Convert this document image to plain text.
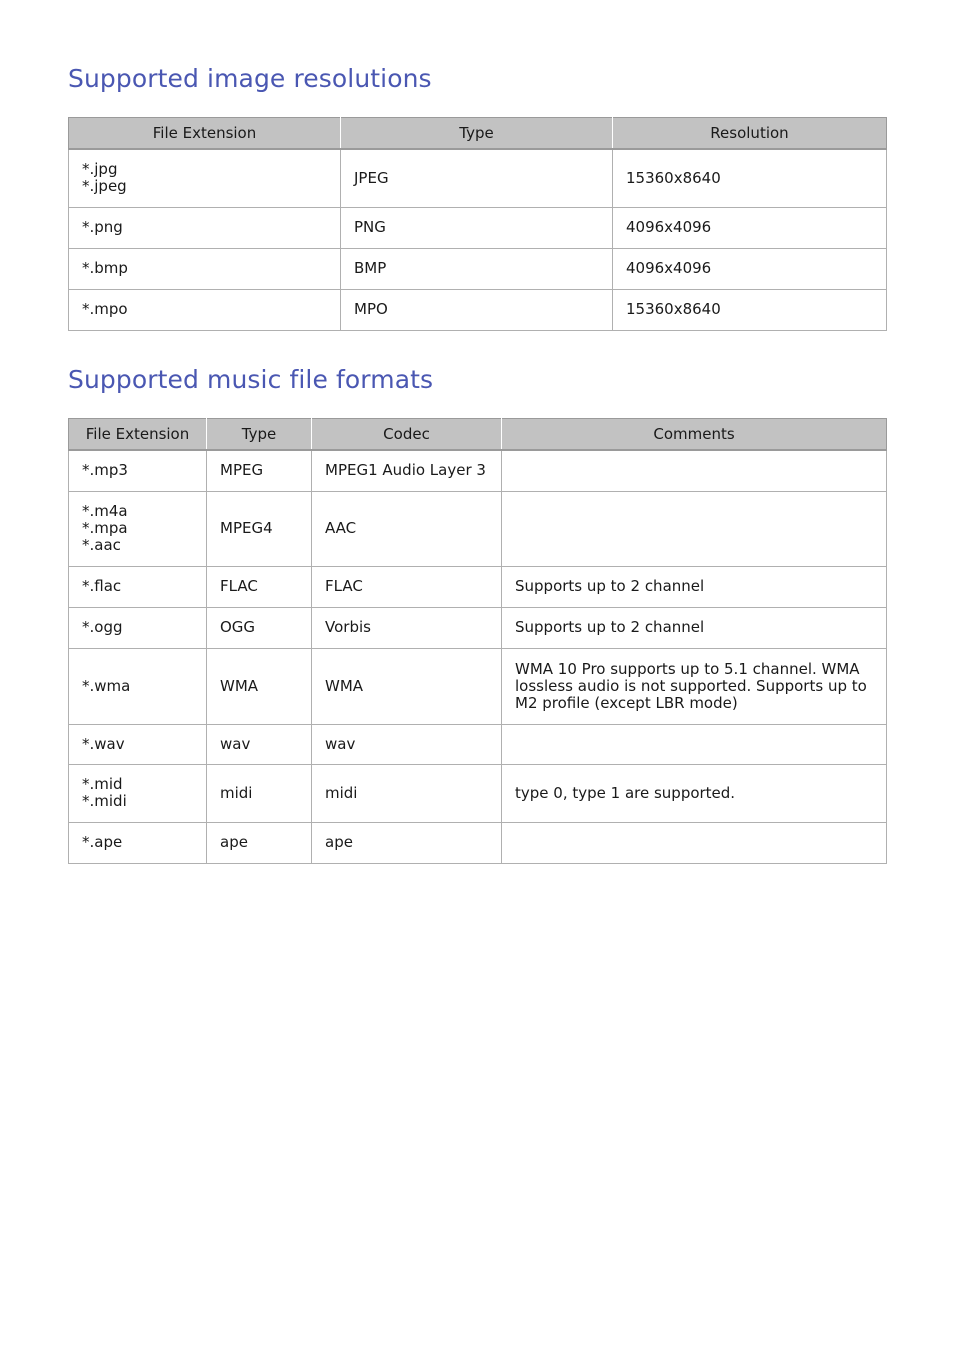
Supported image resolutions
File Extension	Type	Resolution

*.jpg
*.jpeg	JPEG	15360x8640

*.png	PNG	4096x4096

*.bmp	BMP	4096x4096

*.mpo	MPO	15360x8640
Supported music file formats
File Extension	Type	Codec	Comments

*.mp3	MPEG	MPEG1 Audio Layer 3	

*.m4a
*.mpa
*.aac	MPEG4	AAC	

*.flac	FLAC	FLAC	Supports up to 2 channel

*.ogg	OGG	Vorbis	Supports up to 2 channel

*.wma	WMA	WMA	WMA 10 Pro supports up to 5.1 channel. WMA lossless audio is not supported. Supports up to M2 profile (except LBR mode)

*.wav	wav	wav	

*.mid
*.midi	midi	midi	type 0, type 1 are supported.

*.ape	ape	ape	
